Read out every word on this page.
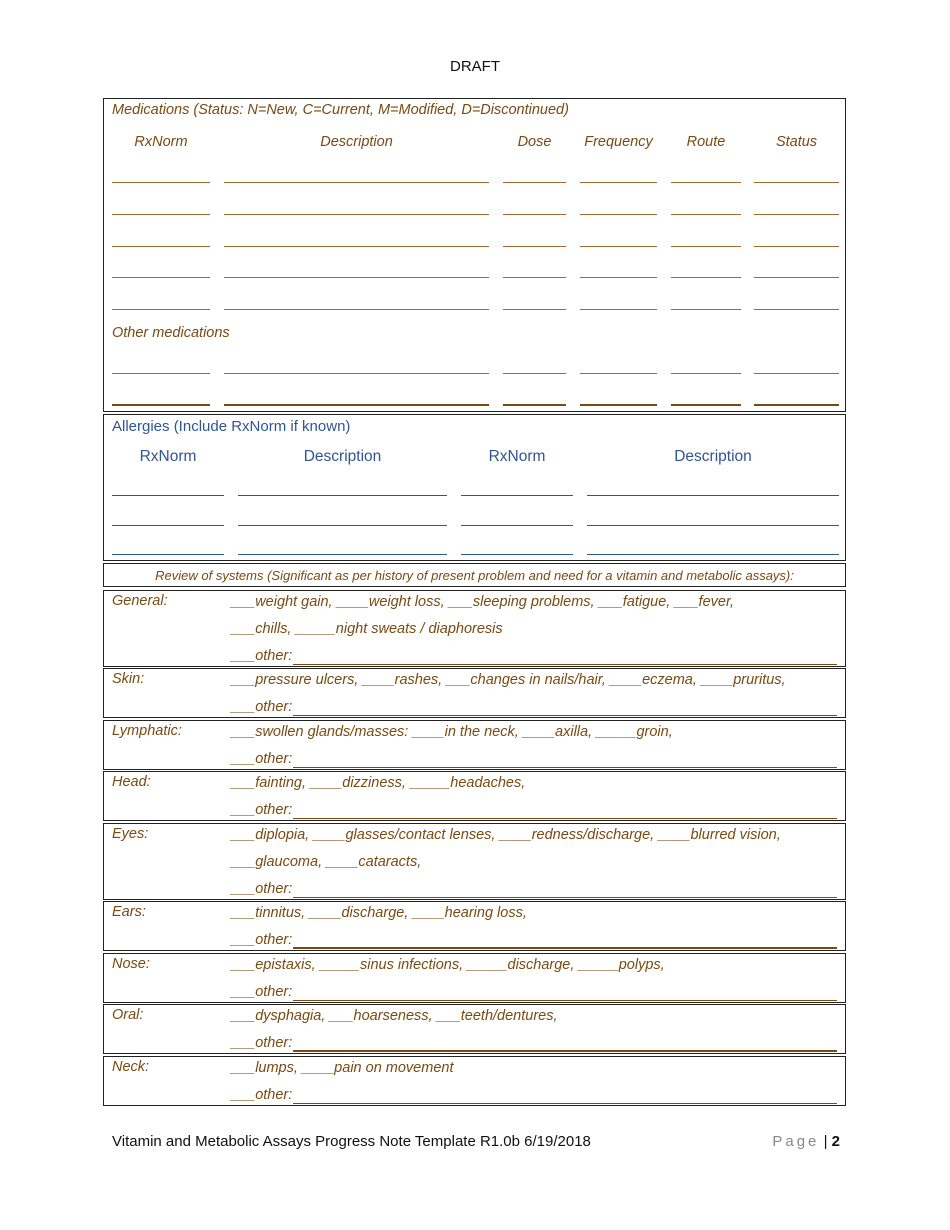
DRAFT
Medications (Status: N=New, C=Current, M=Modified, D=Discontinued)
RxNorm	Description	Dose	Frequency	Route	Status
Other medications
Allergies (Include RxNorm if known)
RxNorm	Description	RxNorm	Description
Review of systems (Significant as per history of present problem and need for a vitamin and metabolic assays):
General:	___weight gain, ____weight loss, ___sleeping problems, ___fatigue, ___fever,
___chills, _____night sweats / diaphoresis
___ other:
Skin:	___pressure ulcers, ____rashes, ___changes in nails/hair, ____eczema, ____pruritus,
___ other:
Lymphatic:	___swollen glands/masses: ____in the neck, ____axilla, _____groin,
___ other:
Head:	___fainting, ____dizziness, _____headaches,
___ other:
Eyes:	___diplopia, ____glasses/contact lenses, ____redness/discharge, ____blurred vision,
___glaucoma, ____cataracts,
___ other:
Ears:	___tinnitus, ____discharge, ____hearing loss,
___ other:
Nose:	___epistaxis, _____sinus infections, _____discharge, _____polyps,
___ other:
Oral:	___dysphagia, ___hoarseness, ___teeth/dentures,
___ other:
Neck:	___lumps, ____pain on movement
___ other:
Vitamin and Metabolic Assays Progress Note Template R1.0b 6/19/2018	Page | 2
